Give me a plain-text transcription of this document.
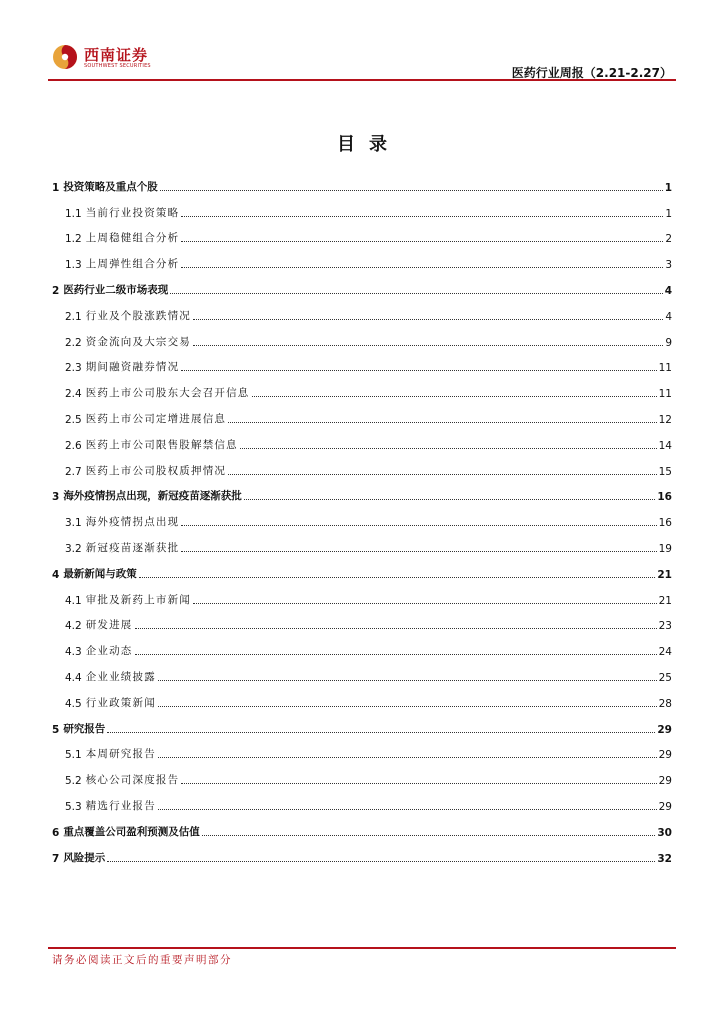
西南证券
SOUTHWEST SECURITIES	医药行业周报（2.21-2.27）
目录
1 投资策略及重点个股	1
1.1 当前行业投资策略	1
1.2 上周稳健组合分析	2
1.3 上周弹性组合分析	3
2 医药行业二级市场表现	4
2.1 行业及个股涨跌情况	4
2.2 资金流向及大宗交易	9
2.3 期间融资融券情况	11
2.4 医药上市公司股东大会召开信息	11
2.5 医药上市公司定增进展信息	12
2.6 医药上市公司限售股解禁信息	14
2.7 医药上市公司股权质押情况	15
3 海外疫情拐点出现，新冠疫苗逐渐获批	16
3.1 海外疫情拐点出现	16
3.2 新冠疫苗逐渐获批	19
4 最新新闻与政策	21
4.1 审批及新药上市新闻	21
4.2 研发进展	23
4.3 企业动态	24
4.4 企业业绩披露	25
4.5 行业政策新闻	28
5 研究报告	29
5.1 本周研究报告	29
5.2 核心公司深度报告	29
5.3 精选行业报告	29
6 重点覆盖公司盈利预测及估值	30
7 风险提示	32
请务必阅读正文后的重要声明部分
